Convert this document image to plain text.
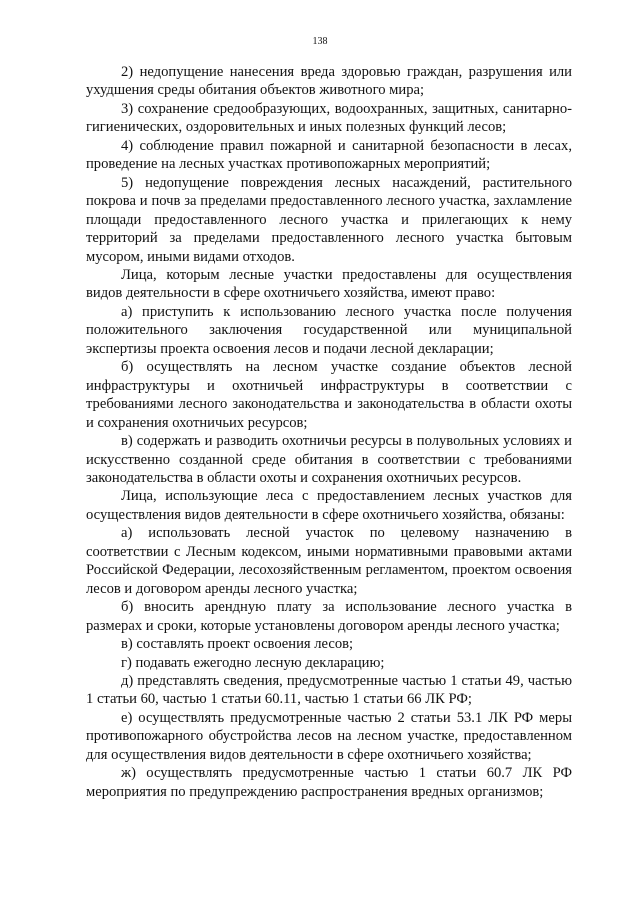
138

2) недопущение нанесения вреда здоровью граждан, разрушения или ухудшения среды обитания объектов животного мира;

3) сохранение средообразующих, водоохранных, защитных, санитарно-гигиенических, оздоровительных и иных полезных функций лесов;

4) соблюдение правил пожарной и санитарной безопасности в лесах, проведение на лесных участках противопожарных мероприятий;

5) недопущение повреждения лесных насаждений, растительного покрова и почв за пределами предоставленного лесного участка, захламление площади предоставленного лесного участка и прилегающих к нему территорий за пределами предоставленного лесного участка бытовым мусором, иными видами отходов.

Лица, которым лесные участки предоставлены для осуществления видов деятельности в сфере охотничьего хозяйства, имеют право:

а) приступить к использованию лесного участка после получения положительного заключения государственной или муниципальной экспертизы проекта освоения лесов и подачи лесной декларации;

б) осуществлять на лесном участке создание объектов лесной инфраструктуры и охотничьей инфраструктуры в соответствии с требованиями лесного законодательства и законодательства в области охоты и сохранения охотничьих ресурсов;

в) содержать и разводить охотничьи ресурсы в полувольных условиях и искусственно созданной среде обитания в соответствии с требованиями законодательства в области охоты и сохранения охотничьих ресурсов.

Лица, использующие леса с предоставлением лесных участков для осуществления видов деятельности в сфере охотничьего хозяйства, обязаны:

а) использовать лесной участок по целевому назначению в соответствии с Лесным кодексом, иными нормативными правовыми актами Российской Федерации, лесохозяйственным регламентом, проектом освоения лесов и договором аренды лесного участка;

б) вносить арендную плату за использование лесного участка в размерах и сроки, которые установлены договором аренды лесного участка;

в) составлять проект освоения лесов;

г) подавать ежегодно лесную декларацию;

д) представлять сведения, предусмотренные частью 1 статьи 49, частью 1 статьи 60, частью 1 статьи 60.11, частью 1 статьи 66 ЛК РФ;

е) осуществлять предусмотренные частью 2 статьи 53.1 ЛК РФ меры противопожарного обустройства лесов на лесном участке, предоставленном для осуществления видов деятельности в сфере охотничьего хозяйства;

ж) осуществлять предусмотренные частью 1 статьи 60.7 ЛК РФ мероприятия по предупреждению распространения вредных организмов;
